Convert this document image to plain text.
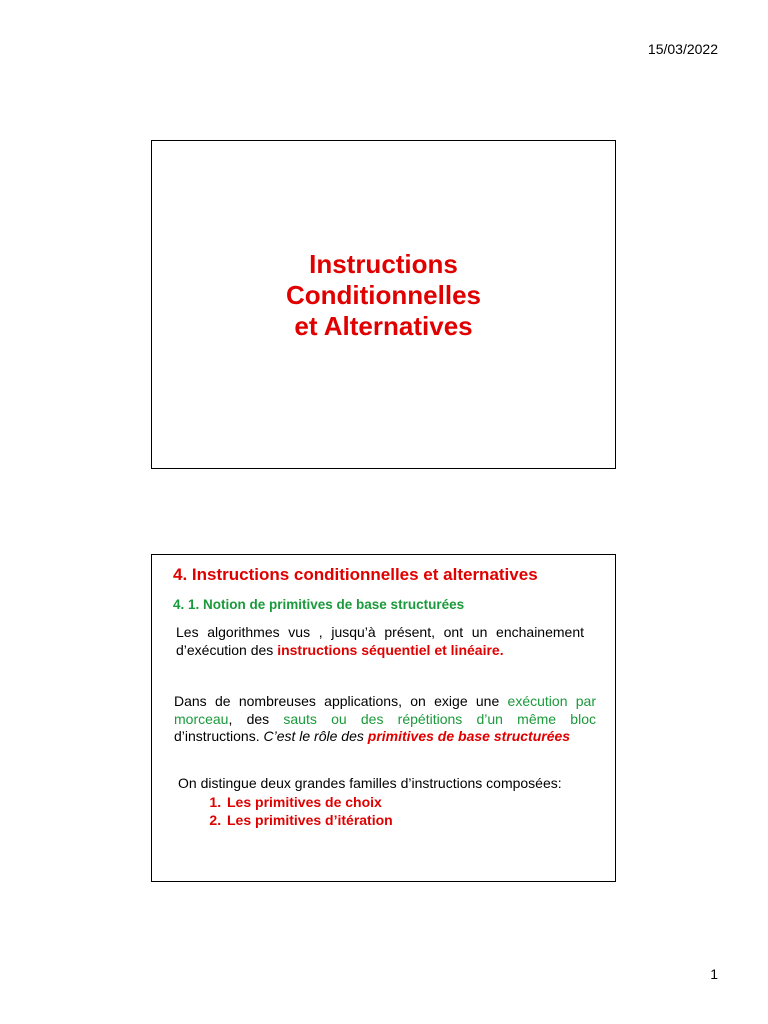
15/03/2022
Instructions
Conditionnelles
et Alternatives
4. Instructions conditionnelles et alternatives
4. 1. Notion de primitives de base structurées
Les algorithmes vus , jusqu’à présent, ont un enchainement d’exécution des instructions séquentiel et linéaire.
Dans de nombreuses applications, on exige une exécution par morceau, des sauts ou des répétitions d’un même bloc d’instructions. C’est le rôle des primitives de base structurées
On distingue deux grandes familles d’instructions composées:
1. Les primitives de choix
2. Les primitives d’itération
1
